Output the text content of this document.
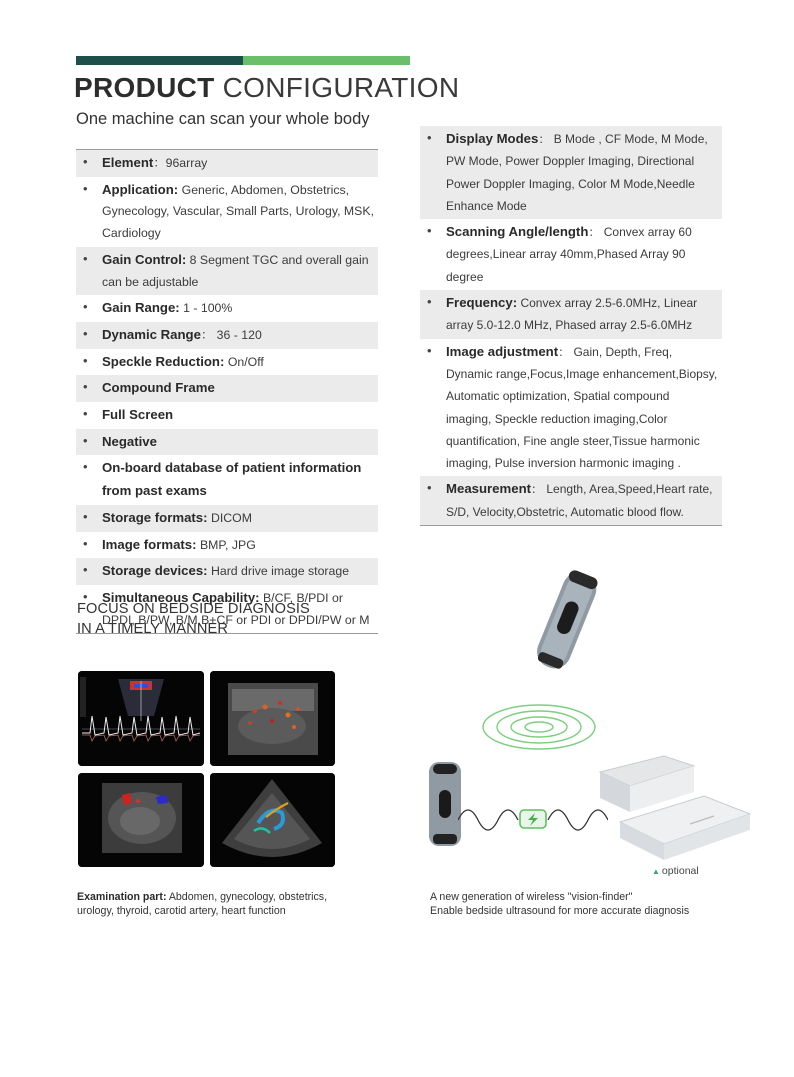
PRODUCT CONFIGURATION
One machine can scan your whole body
• Element：96array
• Application: Generic, Abdomen, Obstetrics, Gynecology, Vascular, Small Parts, Urology, MSK, Cardiology
• Gain Control: 8 Segment TGC and overall gain can be adjustable
• Gain Range: 1 - 100%
• Dynamic Range： 36 - 120
• Speckle Reduction: On/Off
• Compound Frame
• Full Screen
• Negative
• On-board database of patient information from past exams
• Storage formats: DICOM
• Image formats: BMP, JPG
• Storage devices: Hard drive image storage
• Simultaneous Capability: B/CF, B/PDI or DPDI, B/PW, B/M,B+CF or PDI or DPDI/PW or M
• Display Modes： B Mode , CF Mode, M Mode, PW Mode, Power Doppler Imaging, Directional Power Doppler Imaging, Color M Mode,Needle Enhance Mode
• Scanning Angle/length： Convex array 60 degrees,Linear array 40mm,Phased Array 90 degree
• Frequency: Convex array 2.5-6.0MHz, Linear array 5.0-12.0 MHz, Phased array 2.5-6.0MHz
• Image adjustment： Gain, Depth, Freq, Dynamic range,Focus,Image enhancement,Biopsy, Automatic optimization, Spatial compound imaging, Speckle reduction imaging,Color quantification, Fine angle steer,Tissue harmonic imaging, Pulse inversion harmonic imaging .
• Measurement： Length, Area,Speed,Heart rate, S/D, Velocity,Obstetric, Automatic blood flow.
FOCUS ON BEDSIDE DIAGNOSIS
IN A TIMELY MANNER
Examination part: Abdomen, gynecology, obstetrics,
urology, thyroid, carotid artery, heart function
▲ optional
A new generation of wireless "vision-finder"
Enable bedside ultrasound for more accurate diagnosis
